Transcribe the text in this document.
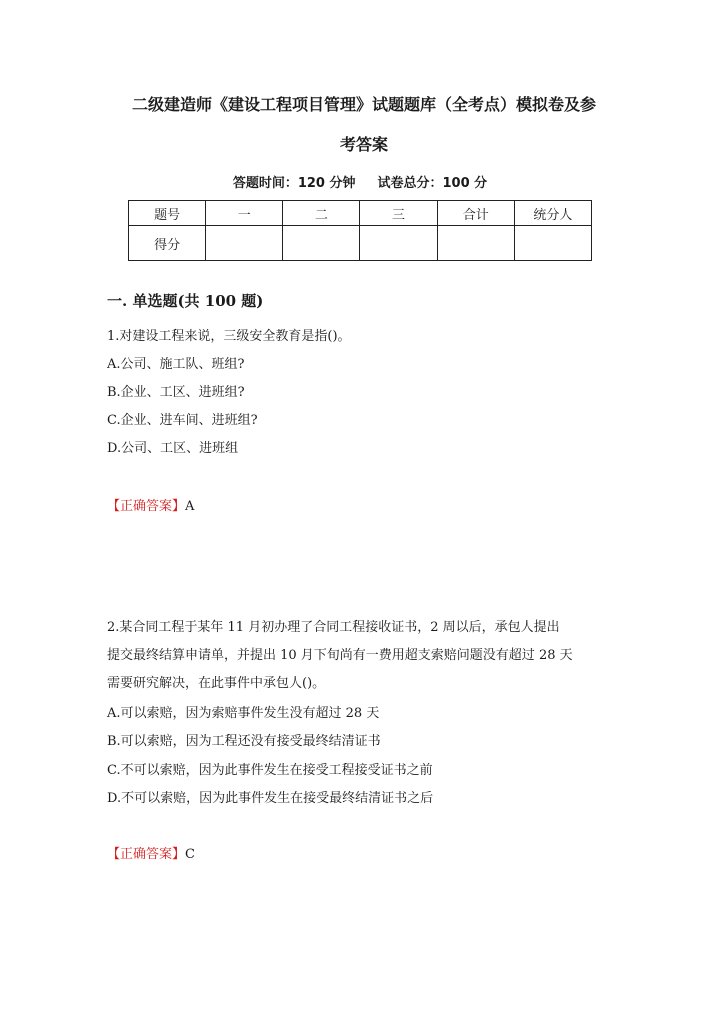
二级建造师《建设工程项目管理》试题题库（全考点）模拟卷及参
考答案
答题时间：120 分钟 试卷总分：100 分
题号	一	二	三	合计	统分人
得分					
一. 单选题(共 100 题)
1.对建设工程来说，三级安全教育是指()。
A.公司、施工队、班组?
B.企业、工区、进班组?
C.企业、进车间、进班组?
D.公司、工区、进班组
【正确答案】A
2.某合同工程于某年 11 月初办理了合同工程接收证书，2 周以后，承包人提出
提交最终结算申请单，并提出 10 月下旬尚有一费用超支索赔问题没有超过 28 天
需要研究解决，在此事件中承包人()。
A.可以索赔，因为索赔事件发生没有超过 28 天
B.可以索赔，因为工程还没有接受最终结清证书
C.不可以索赔，因为此事件发生在接受工程接受证书之前
D.不可以索赔，因为此事件发生在接受最终结清证书之后
【正确答案】C
